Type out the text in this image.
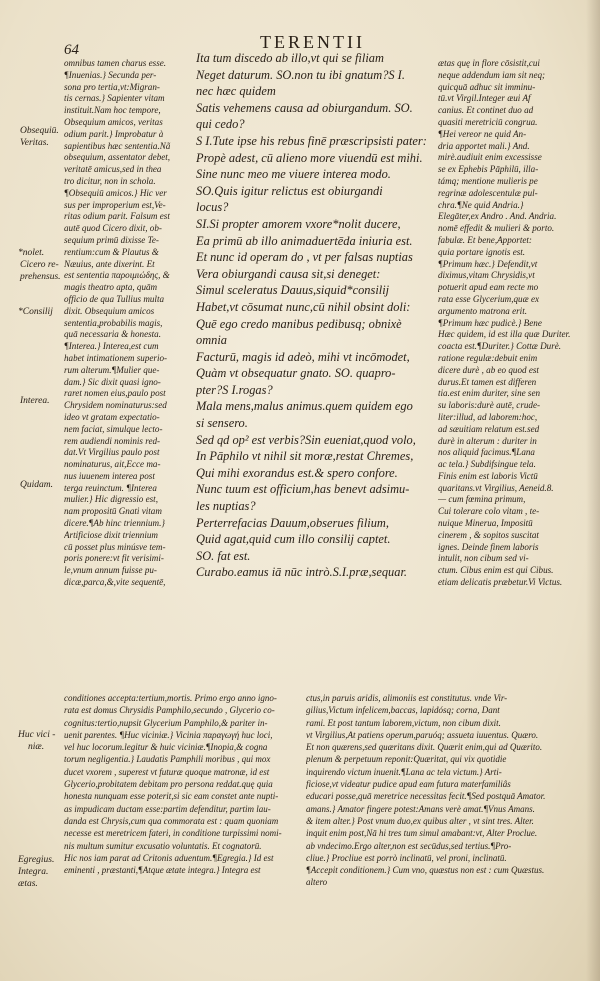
64	TERENTII

omnibus tamen charus esse.

¶Inuenias.} Secunda per-

sona pro tertia,vt:Migran-

tis cernas.} Sapienter vitam

instituit.Nam hoc tempore,

Obsequium amicos, veritas

odium parit.} Improbatur à

sapientibus hæc sententia.Nã

obsequium, assentator debet,

veritatē amicus,sed in thea

tro dicitur, non in schola.

¶Obsequiū amicos.} Hic ver

sus per improperium est,Ve-

ritas odium parit. Falsum est

autē quod Cicero dixit, ob-

sequium primū dixisse Te-

rentium:cum & Plautus &

Næuius, ante dixerint. Et

est sententia παροιμιώδης, &

magis theatro apta, quām

officio de qua Tullius multa

dixit. Obsequium amicos

sententia,probabilis magis,

quā necessaria & honesta.

¶Interea.} Interea,est cum

habet intimationem superio-

rum alterum.¶Mulier que-

dam.} Sic dixit quasi igno-

raret nomen eius,paulo post

Chrysidem nominaturus:sed

ideo vt gratam expectatio-

nem faciat, simulque lecto-

rem audiendi nominis red-

dat.Vt Virgilius paulo post

nominaturus, ait,Ecce ma-

nus iuuenem interea post

terga reuinctum. ¶Interea

mulier.} Hic digressio est,

nam propositū Gnati vitam

dicere.¶Ab hinc triennium.}

Artificiose dixit triennium

cū posset plus minúsve tem-

poris ponere:vt fit verisimi-

le,vnum annum fuisse pu-

dicæ,parca,&,vite sequentē,

Ita tum discedo ab illo,vt qui se filiam

Neget daturum. SO.non tu ibi gnatum?S I.

nec hæc quidem

Satis vehemens causa ad obiurgandum. SO.

qui cedo?

S I.Tute ipse his rebus finē præscripsisti pater:

Propè adest, cū alieno more viuendū est mihi.

Sine nunc meo me viuere interea modo.

SO.Quis igitur relictus est obiurgandi

locus?

SI.Si propter amorem vxore*nolit ducere,

Ea primū ab illo animaduertēda iniuria est.

Et nunc id operam do , vt per falsas nuptias

Vera obiurgandi causa sit,si deneget:

Simul sceleratus Dauus,siquid*consilij

Habet,vt cōsumat nunc,cū nihil obsint doli:

Quē ego credo manibus pedibusq; obnixè

omnia

Facturū, magis id adeò, mihi vt incōmodet,

Quàm vt obsequatur gnato. SO. quapro-

pter?S I.rogas?

Mala mens,malus animus.quem quidem ego

si sensero.

Sed qd op² est verbis?Sin eueniat,quod volo,

In Pāphilo vt nihil sit moræ,restat Chremes,

Qui mihi exorandus est.& spero confore.

Nunc tuum est officium,has benevt adsimu-

les nuptias?

Perterrefacias Dauum,obserues filium,

Quid agat,quid cum illo consilij captet.

SO. fat est.

Curabo.eamus iā nūc intrò.S.I.præ,sequar.

ætas quę in flore cōsistit,cui

neque addendum iam sit neq;

quicquā adhuc sit imminu-

tū.vt Virgil.Integer æui Af

canius. Et continet duo ad

quasiti meretriciū congrua.

¶Hei vereor ne quid An-

dria apportet mali.} And.

mirè.audiuit enim excessisse

se ex Ephebis Pāphilū, illa-

támq; mentione mulieris pe

regrinæ adolescentulæ pul-

chra.¶Ne quid Andria.}

Elegāter,ex Andro . And. Andria.

nomē effedit & mulieri & porto.

fabulæ. Et bene,Apportet:

quia portare ignotis est.

¶Primum hæc.} Defendit,vt

diximus,vitam Chrysidis,vt

potuerit apud eam recte mo

rata esse Glycerium,quæ ex

argumento matrona erit.

¶Primum hæc pudicè.} Bene

Hæc quidem, id est illa quæ Duriter.

coacta est.¶Duriter.} Cottæ Durè.

ratione regulæ:debuit enim

dicere durè , ab eo quod est

durus.Et tamen est differen

tia.est enim duriter, sine sen

su laboris:durè autē, crude-

liter:illud, ad laborem:hoc,

ad sæuitiam relatum est.sed

durè in alterum : duriter in

nos aliquid facimus.¶Lana

ac tela.} Subdifsingue tela.

Finis enim est laboris Victū

quaritans.vt Virgilius, Aeneid.8.

— cum fœmina primum,

Cui tolerare colo vitam , te-

nuique Minerua, Impositū

cinerem , & sopitos suscitat

ignes. Deinde finem laboris

intulit, non cibum sed vi-

ctum. Cibus enim est qui Cibus.

etiam delicatis præbetur.Vi Victus.

conditiones accepta:tertium,mortis. Primo ergo anno igno-

rata est domus Chrysidis Pamphilo,secundo , Glycerio co-

cognitus:tertio,nupsit Glycerium Pamphilo,& pariter in-

uenit parentes. ¶Huc viciniæ.} Vicinia παραγωγή huc loci,

vel huc locorum.legitur & huic viciniæ.¶Inopia,& cogna

torum negligentia.} Laudatis Pamphili moribus , qui mox

ducet vxorem , superest vt futuræ quoque matronæ, id est

Glycerio,probitatem debitam pro persona reddat.quę quia

honesta nunquam esse poterit,si sic eam constet ante nupti-

as impudicam ductam esse:partim defenditur, partim lau-

danda est Chrysis,cum qua commorata est : quam quoniam

necesse est meretricem fateri, in conditione turpissimi nomi-

nis multum sumitur excusatio voluntatis. Et cognatorū.

Hic nos iam parat ad Critonis aduentum.¶Egregia.} Id est

eminenti , præstanti,¶Atque ætate integra.} Integra est

ctus,in paruis aridis, alimoniis est constitutus. vnde Vir-

gilius,Victum infelicem,baccas, lapidósq; corna, Dant

rami. Et post tantum laborem,victum, non cibum dixit.

vt Virgilius,At patiens operum,paruóq; assueta iuuentus. Quæro.

Et non quærens,sed quæritans dixit. Quærit enim,qui ad Quærito.

plenum & perpetuum reponit:Quæritat, qui vix quotidie

inquirendo victum inuenit.¶Lana ac tela victum.} Arti-

ficiose,vt videatur pudice apud eam futura materfamiliâs

educari posse,quā meretrice necessitas fecit.¶Sed postquā Amator.

amans.} Amator fingere potest:Amans verè amat.¶Vnus Amans.

& item alter.} Post vnum duo,ex quibus alter , vt sint tres. Alter.

inquit enim post,Nā hi tres tum simul amabant:vt, Alter Proclue.

ab vndecimo.Ergo alter,non est secūdus,sed tertius.¶Pro-

cliue.} Procliue est porrò inclinatū, vel proni, inclinatū.

¶Accepit conditionem.} Cum vno, quæstus non est : cum Quæstus.

altero

Obsequiū.
Veritas.
*nolet.
Cicero re-
prehensus.
*Consilij
Interea.
Quidam.
Huc vici -
niæ.
Egregius.
Integra.
ætas.
